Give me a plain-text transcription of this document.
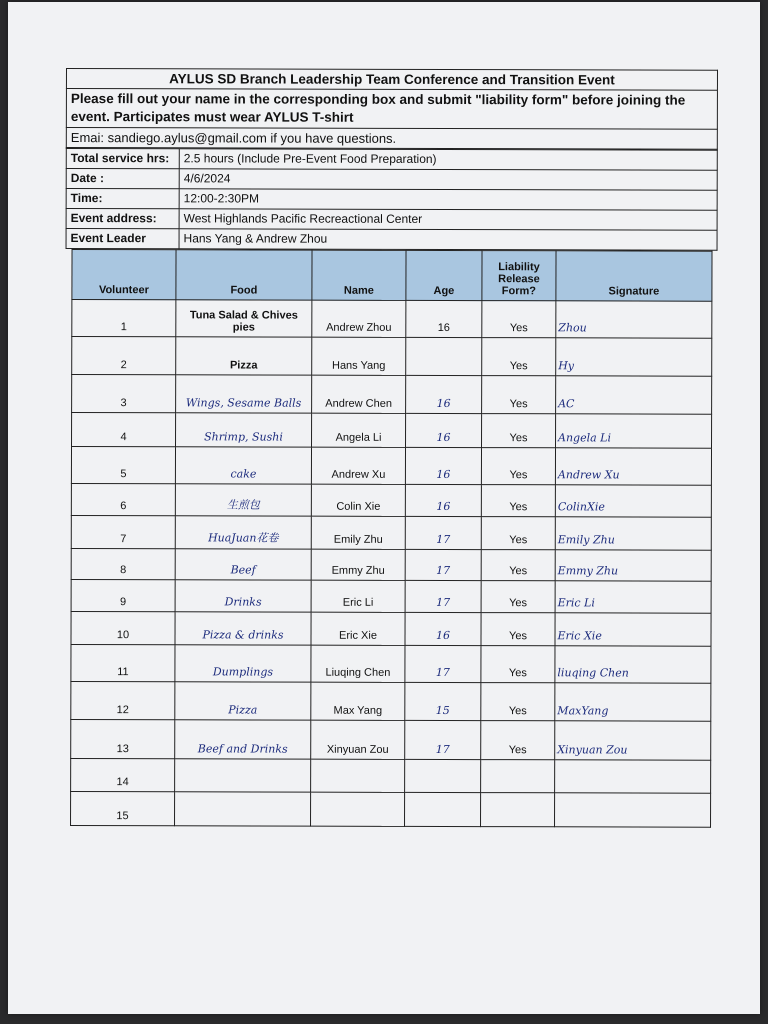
AYLUS SD Branch Leadership Team Conference and Transition Event
Please fill out your name in the corresponding box and submit "liability form" before joining the event. Participates must wear AYLUS T-shirt
Emai: sandiego.aylus@gmail.com if you have questions.
Total service hrs:	2.5 hours (Include Pre-Event Food Preparation)
Date :	4/6/2024
Time:	12:00-2:30PM
Event address:	West Highlands Pacific Recreactional Center
Event Leader	Hans Yang & Andrew Zhou
Volunteer	Food	Name	Age	Liability Release Form?	Signature
1	Tuna Salad & Chives pies	Andrew Zhou	16	Yes	Zhou
2	Pizza	Hans Yang		Yes	Hy
3	Wings, Sesame Balls	Andrew Chen	16	Yes	AC
4	Shrimp, Sushi	Angela Li	16	Yes	Angela Li
5	cake	Andrew Xu	16	Yes	Andrew Xu
6	生煎包	Colin Xie	16	Yes	ColinXie
7	HuaJuan花卷	Emily Zhu	17	Yes	Emily Zhu
8	Beef	Emmy Zhu	17	Yes	Emmy Zhu
9	Drinks	Eric Li	17	Yes	Eric Li
10	Pizza & drinks	Eric Xie	16	Yes	Eric Xie
11	Dumplings	Liuqing Chen	17	Yes	liuqing Chen
12	Pizza	Max Yang	15	Yes	MaxYang
13	Beef and Drinks	Xinyuan Zou	17	Yes	Xinyuan Zou
14					
15					
